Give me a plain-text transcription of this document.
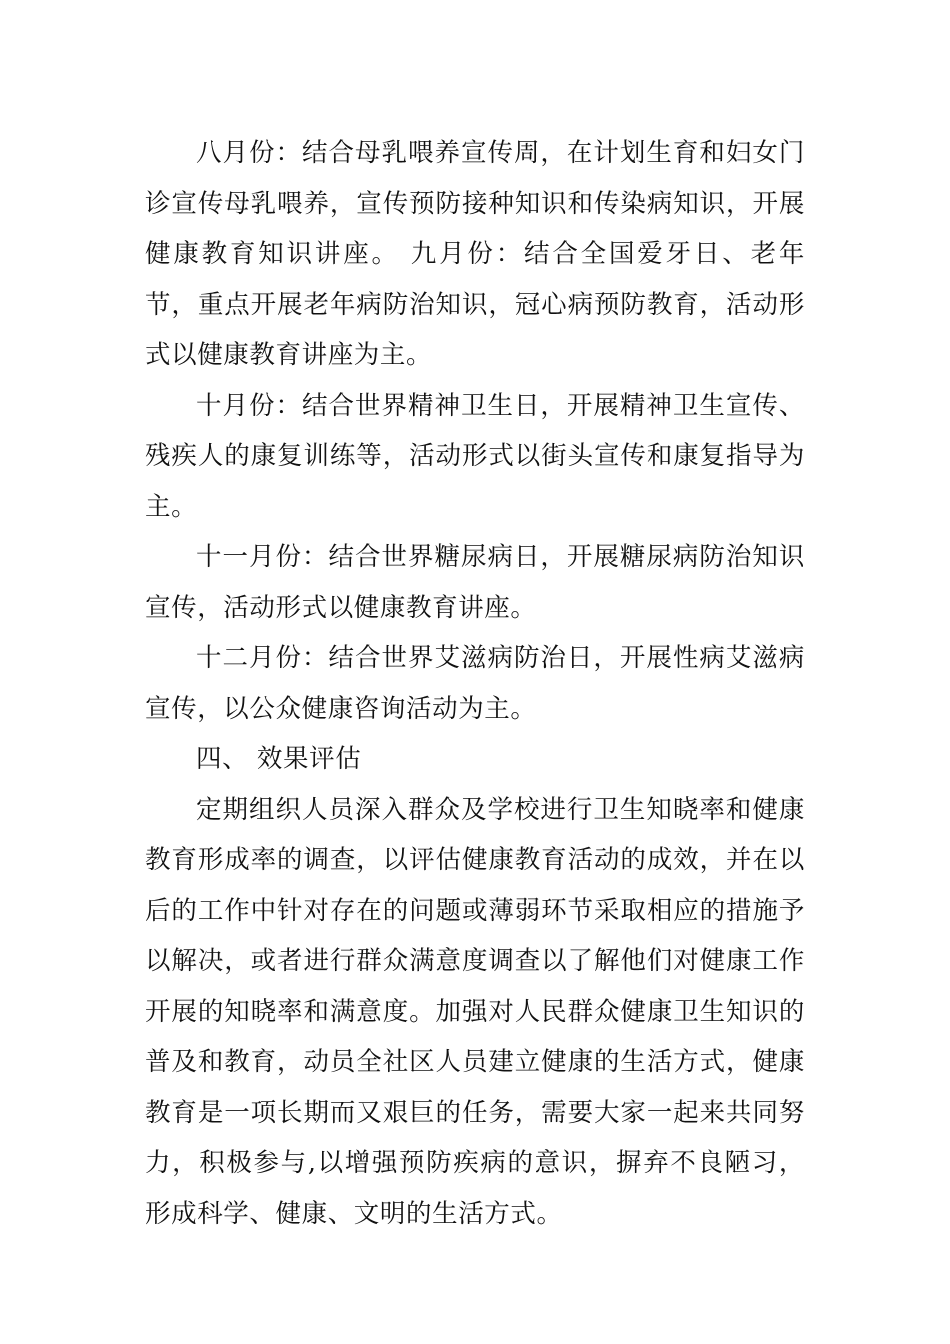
八月份：结合母乳喂养宣传周，在计划生育和妇女门诊宣传母乳喂养，宣传预防接种知识和传染病知识，开展健康教育知识讲座。 九月份：结合全国爱牙日、老年节，重点开展老年病防治知识，冠心病预防教育，活动形式以健康教育讲座为主。

十月份：结合世界精神卫生日，开展精神卫生宣传、残疾人的康复训练等，活动形式以街头宣传和康复指导为主。

十一月份：结合世界糖尿病日，开展糖尿病防治知识宣传，活动形式以健康教育讲座。

十二月份：结合世界艾滋病防治日，开展性病艾滋病宣传，以公众健康咨询活动为主。

四、 效果评估

定期组织人员深入群众及学校进行卫生知晓率和健康教育形成率的调查，以评估健康教育活动的成效，并在以后的工作中针对存在的问题或薄弱环节采取相应的措施予以解决，或者进行群众满意度调查以了解他们对健康工作开展的知晓率和满意度。加强对人民群众健康卫生知识的普及和教育，动员全社区人员建立健康的生活方式，健康教育是一项长期而又艰巨的任务，需要大家一起来共同努力，积极参与,以增强预防疾病的意识，摒弃不良陋习，形成科学、健康、文明的生活方式。
